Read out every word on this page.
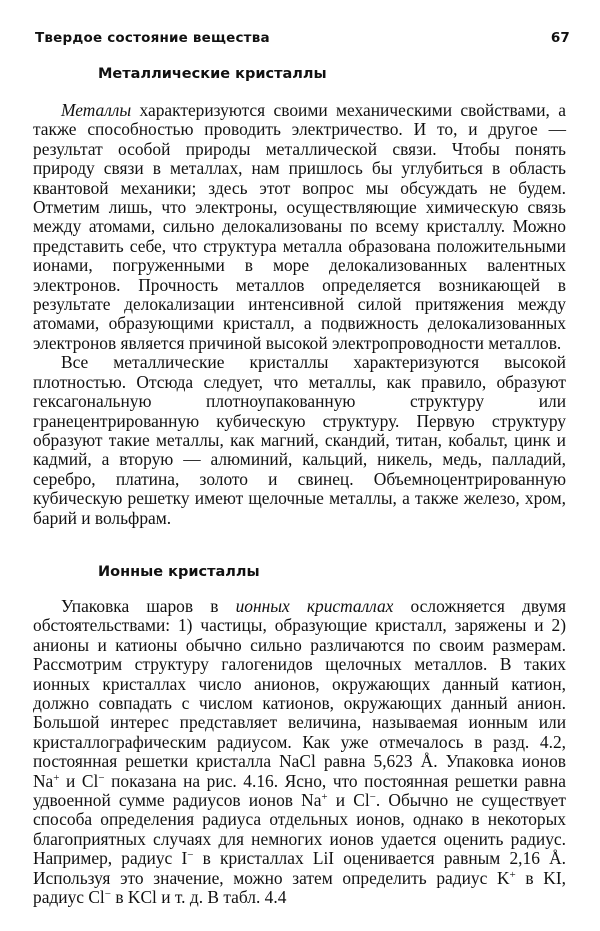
Твердое состояние вещества	67
Металлические кристаллы

Металлы характеризуются своими механическими свойствами, а также способностью проводить электричество. И то, и другое — результат особой природы металлической связи. Чтобы понять природу связи в металлах, нам пришлось бы углубиться в область квантовой механики; здесь этот вопрос мы обсуждать не будем. Отметим лишь, что электроны, осуществляющие химическую связь между атомами, сильно делокализованы по всему кристаллу. Можно представить себе, что структура металла образована положительными ионами, погруженными в море делокализованных валентных электронов. Прочность металлов определяется возникающей в результате делокализации интенсивной силой притяжения между атомами, образующими кристалл, а подвижность делокализованных электронов является причиной высокой электропроводности металлов.

Все металлические кристаллы характеризуются высокой плотностью. Отсюда следует, что металлы, как правило, образуют гексагональную плотноупакованную структуру или гранецентрированную кубическую структуру. Первую структуру образуют такие металлы, как магний, скандий, титан, кобальт, цинк и кадмий, а вторую — алюминий, кальций, никель, медь, палладий, серебро, платина, золото и свинец. Объемноцентрированную кубическую решетку имеют щелочные металлы, а также железо, хром, барий и вольфрам.

Ионные кристаллы

Упаковка шаров в ионных кристаллах осложняется двумя обстоятельствами: 1) частицы, образующие кристалл, заряжены и 2) анионы и катионы обычно сильно различаются по своим размерам. Рассмотрим структуру галогенидов щелочных металлов. В таких ионных кристаллах число анионов, окружающих данный катион, должно совпадать с числом катионов, окружающих данный анион. Большой интерес представляет величина, называемая ионным или кристаллографическим радиусом. Как уже отмечалось в разд. 4.2, постоянная решетки кристалла NaCl равна 5,623 Å. Упаковка ионов Na+ и Cl− показана на рис. 4.16. Ясно, что постоянная решетки равна удвоенной сумме радиусов ионов Na+ и Cl−. Обычно не существует способа определения радиуса отдельных ионов, однако в некоторых благоприятных случаях для немногих ионов удается оценить радиус. Например, радиус I− в кристаллах LiI оценивается равным 2,16 Å. Используя это значение, можно затем определить радиус K+ в KI, радиус Cl− в KCl и т. д. В табл. 4.4
